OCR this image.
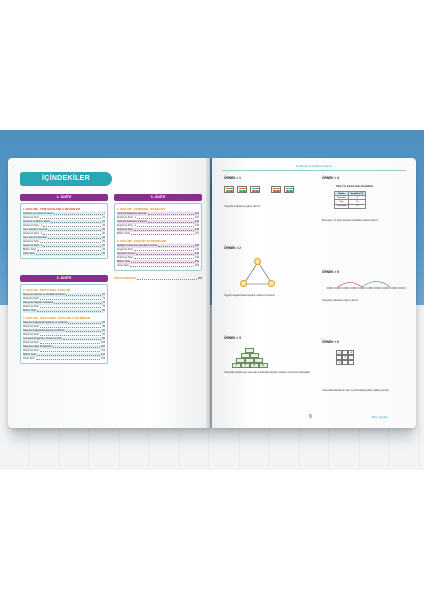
İÇİNDEKİLER
1. ÜNİTE
1. BÖLÜM : TAM SAYILARLA İŞLEMLER
Toplama ve Çıkarma İşlemi	7
Alıştırma Testi	21
Çarpma ve Bölme İşlemi	23
Alıştırma Testi - 1	33
Tam Sayıların Kuvveti	35
Alıştırma Testi - 1	40
Tam Sayı Problemleri	43
Alıştırma Testi	49
Alıştırma Testi - 1	51
Bölüm Testi	53
Ünite Testi	55
2. ÜNİTE
1. BÖLÜM : RASYONEL SAYILAR
Rasyonel Sayılar ve Ondalık Gösterim	61
Alıştırma Testi	71
Rasyonel Sayıları Sıralama	73
Alıştırma Testi	75
Bölüm Testi	81
2. BÖLÜM : RASYONEL SAYILARLA İŞLEMLER
Rasyonel Sayılarla Toplama ve Çıkarma	83
Alıştırma Testi	89
Rasyonel Sayılarla Çarpma ve Bölme	91
Alıştırma Testi	97
Çok Adımlı İşlemler, Kuvvet ve Kök	99
Alıştırma Testi	103
Rasyonel Sayı Problemleri	105
Alıştırma Testi	111
Bölüm Testi	113
Ünite Testi	115
3. ÜNİTE
1. BÖLÜM : CEBİRSEL İFADELER
Cebirsel İfadelerle İşlemler	121
Alıştırma Testi - 1	127
Cebirsel İfadelerle Çarpma	129
Alıştırma Testi - 1	133
Alıştırma Testi	135
Bölüm Testi	137
2. BÖLÜM : EŞİTLİK VE DENKLEM
Eşitliğin Korunumu, Denklem Kurma	139
Alıştırma Testi	143
Denklem Çözme	145
Alıştırma Testi	149
Bölüm Testi	151
Ünite Testi	153
CEVAP ANAHTARI	157
Toplama ve Çıkarma İşlemi
ÖRNEK > 1
Yukarıda modellenen işlemi yazınız.
ÖRNEK > 2
Üçgenin köşelerindeki sayıların toplamını bulunuz.
ÖRNEK > 3
-7	-3	+5	-11
Yukarıdaki şekilde yan yana olan kutulardaki sayıların toplamı üst kutuya yazılacaktır.
ÖRNEK > 4
Tablo: Üç Günün Hava Sıcaklıkları
Günler	Sıcaklık (°C)
Pazartesi	-3
Salı	-5
Çarşamba	+2
Buna göre, üç güne ait hava sıcaklıkları toplamı kaçtır?
ÖRNEK > 5
Yukarıda modellenen işlemi yazınız.
ÖRNEK > 6
-1	+3
-2
+4
Yukarıdaki tabloda her satır ve sütundaki sayıların toplamı aynıdır.
9	Birey Yayınları
